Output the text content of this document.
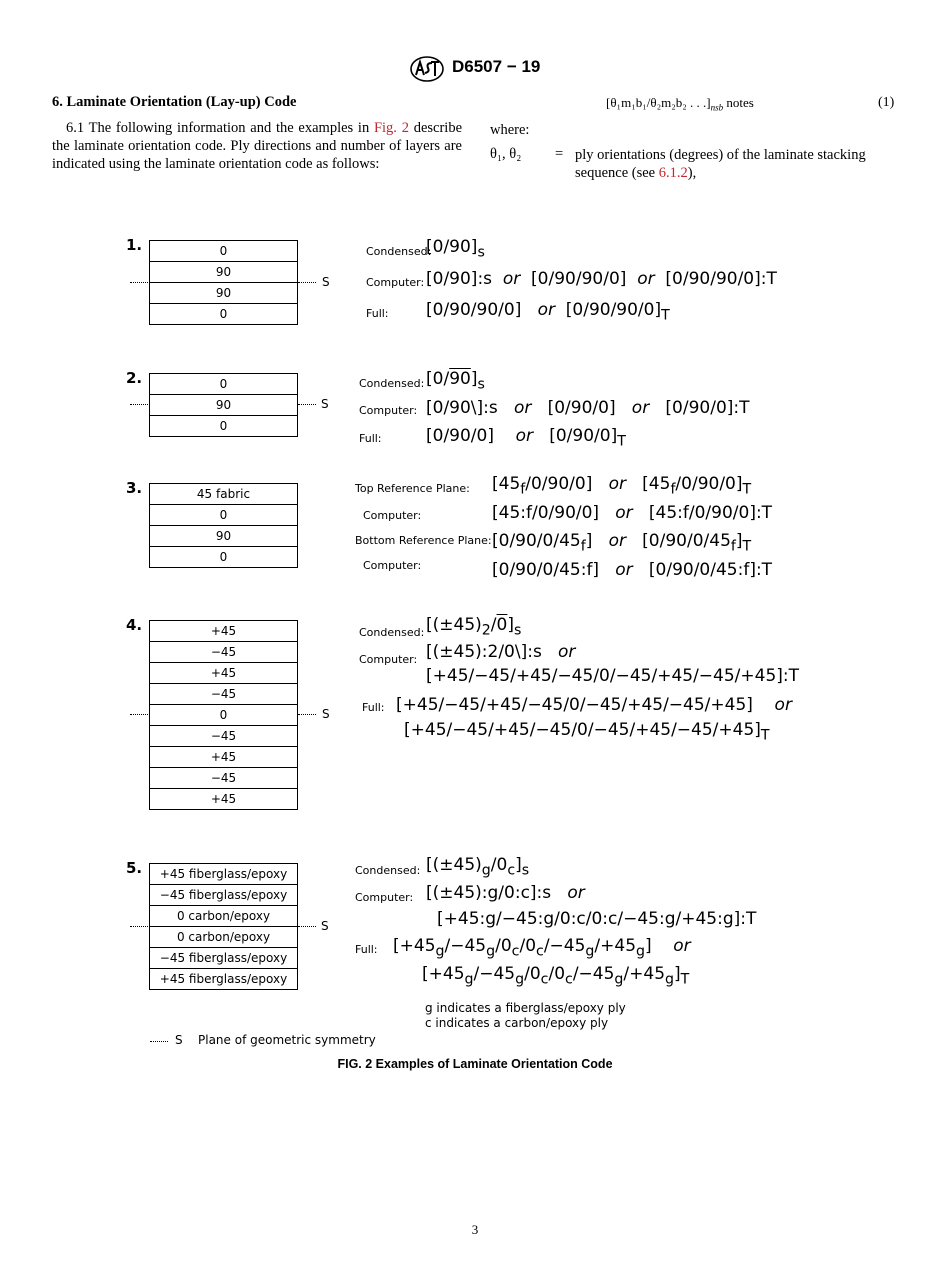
D6507 − 19
6. Laminate Orientation (Lay-up) Code
6.1 The following information and the examples in Fig. 2 describe the laminate orientation code. Ply directions and number of layers are indicated using the laminate orientation code as follows:
[θ₁m₁b₁/θ₂m₂b₂ . . $.]_{nsb}$ notes	(1)
where:
θ₁, θ₂ = ply orientations (degrees) of the laminate stacking sequence (see 6.1.2),
1.	0
90
90
0
S
Condensed:
$[0/90]_s$
Computer: [0/90]:s or [0/90/90/0] or [0/90/90/0]:T
Full: [0/90/90/0] or $[0/90/90/0]_T$
2.	0
90
0
S
Condensed: $[0/90]_s$
Computer: [0/90\]:s or [0/90/0] or [0/90/0]:T
Full:	[0/90/0] or $[0/90/0]_T$
3.	45 fabric
0
90
0
Top Reference Plane: $[45_f/0/90/0]$ or $[45_f/0/90/0]_T$
Computer:	[45:f/0/90/0] or [45:f/0/90/0]:T
Bottom Reference Plane: $[0/90/0/45_f]$ or $[0/90/0/45_f]_T$
Computer:	[0/90/0/45:f] or [0/90/0/45:f]:T
4.	+45
−45
+45
−45
0
−45
+45
−45
+45
S
Condensed: $[(\pm 45)_2/0]_s$
Computer: [(±45):2/0\]:s or
[+45/−45/+45/−45/0/−45/+45/−45/+45]:T
Full: [+45/−45/+45/−45/0/−45/+45/−45/+45] or
$[+45/-45/+45/-45/0/-45/+45/-45/+45]_T$
5.	+45 fiberglass/epoxy
−45 fiberglass/epoxy
0 carbon/epoxy
0 carbon/epoxy
−45 fiberglass/epoxy
+45 fiberglass/epoxy
S
Condensed: $[(\pm 45)_g/0_c]_s$
Computer: [(±45):g/0:c]:s or
[+45:g/−45:g/0:c/0:c/−45:g/+45:g]:T
Full: $[+45_g/-45_g/0_c/0_c/-45_g/+45_g]$    or
$[+45_g/-45_g/0_c/0_c/-45_g/+45_g]_T$
g indicates a fiberglass/epoxy ply
c indicates a carbon/epoxy ply
S Plane of geometric symmetry
FIG. 2 Examples of Laminate Orientation Code
3
